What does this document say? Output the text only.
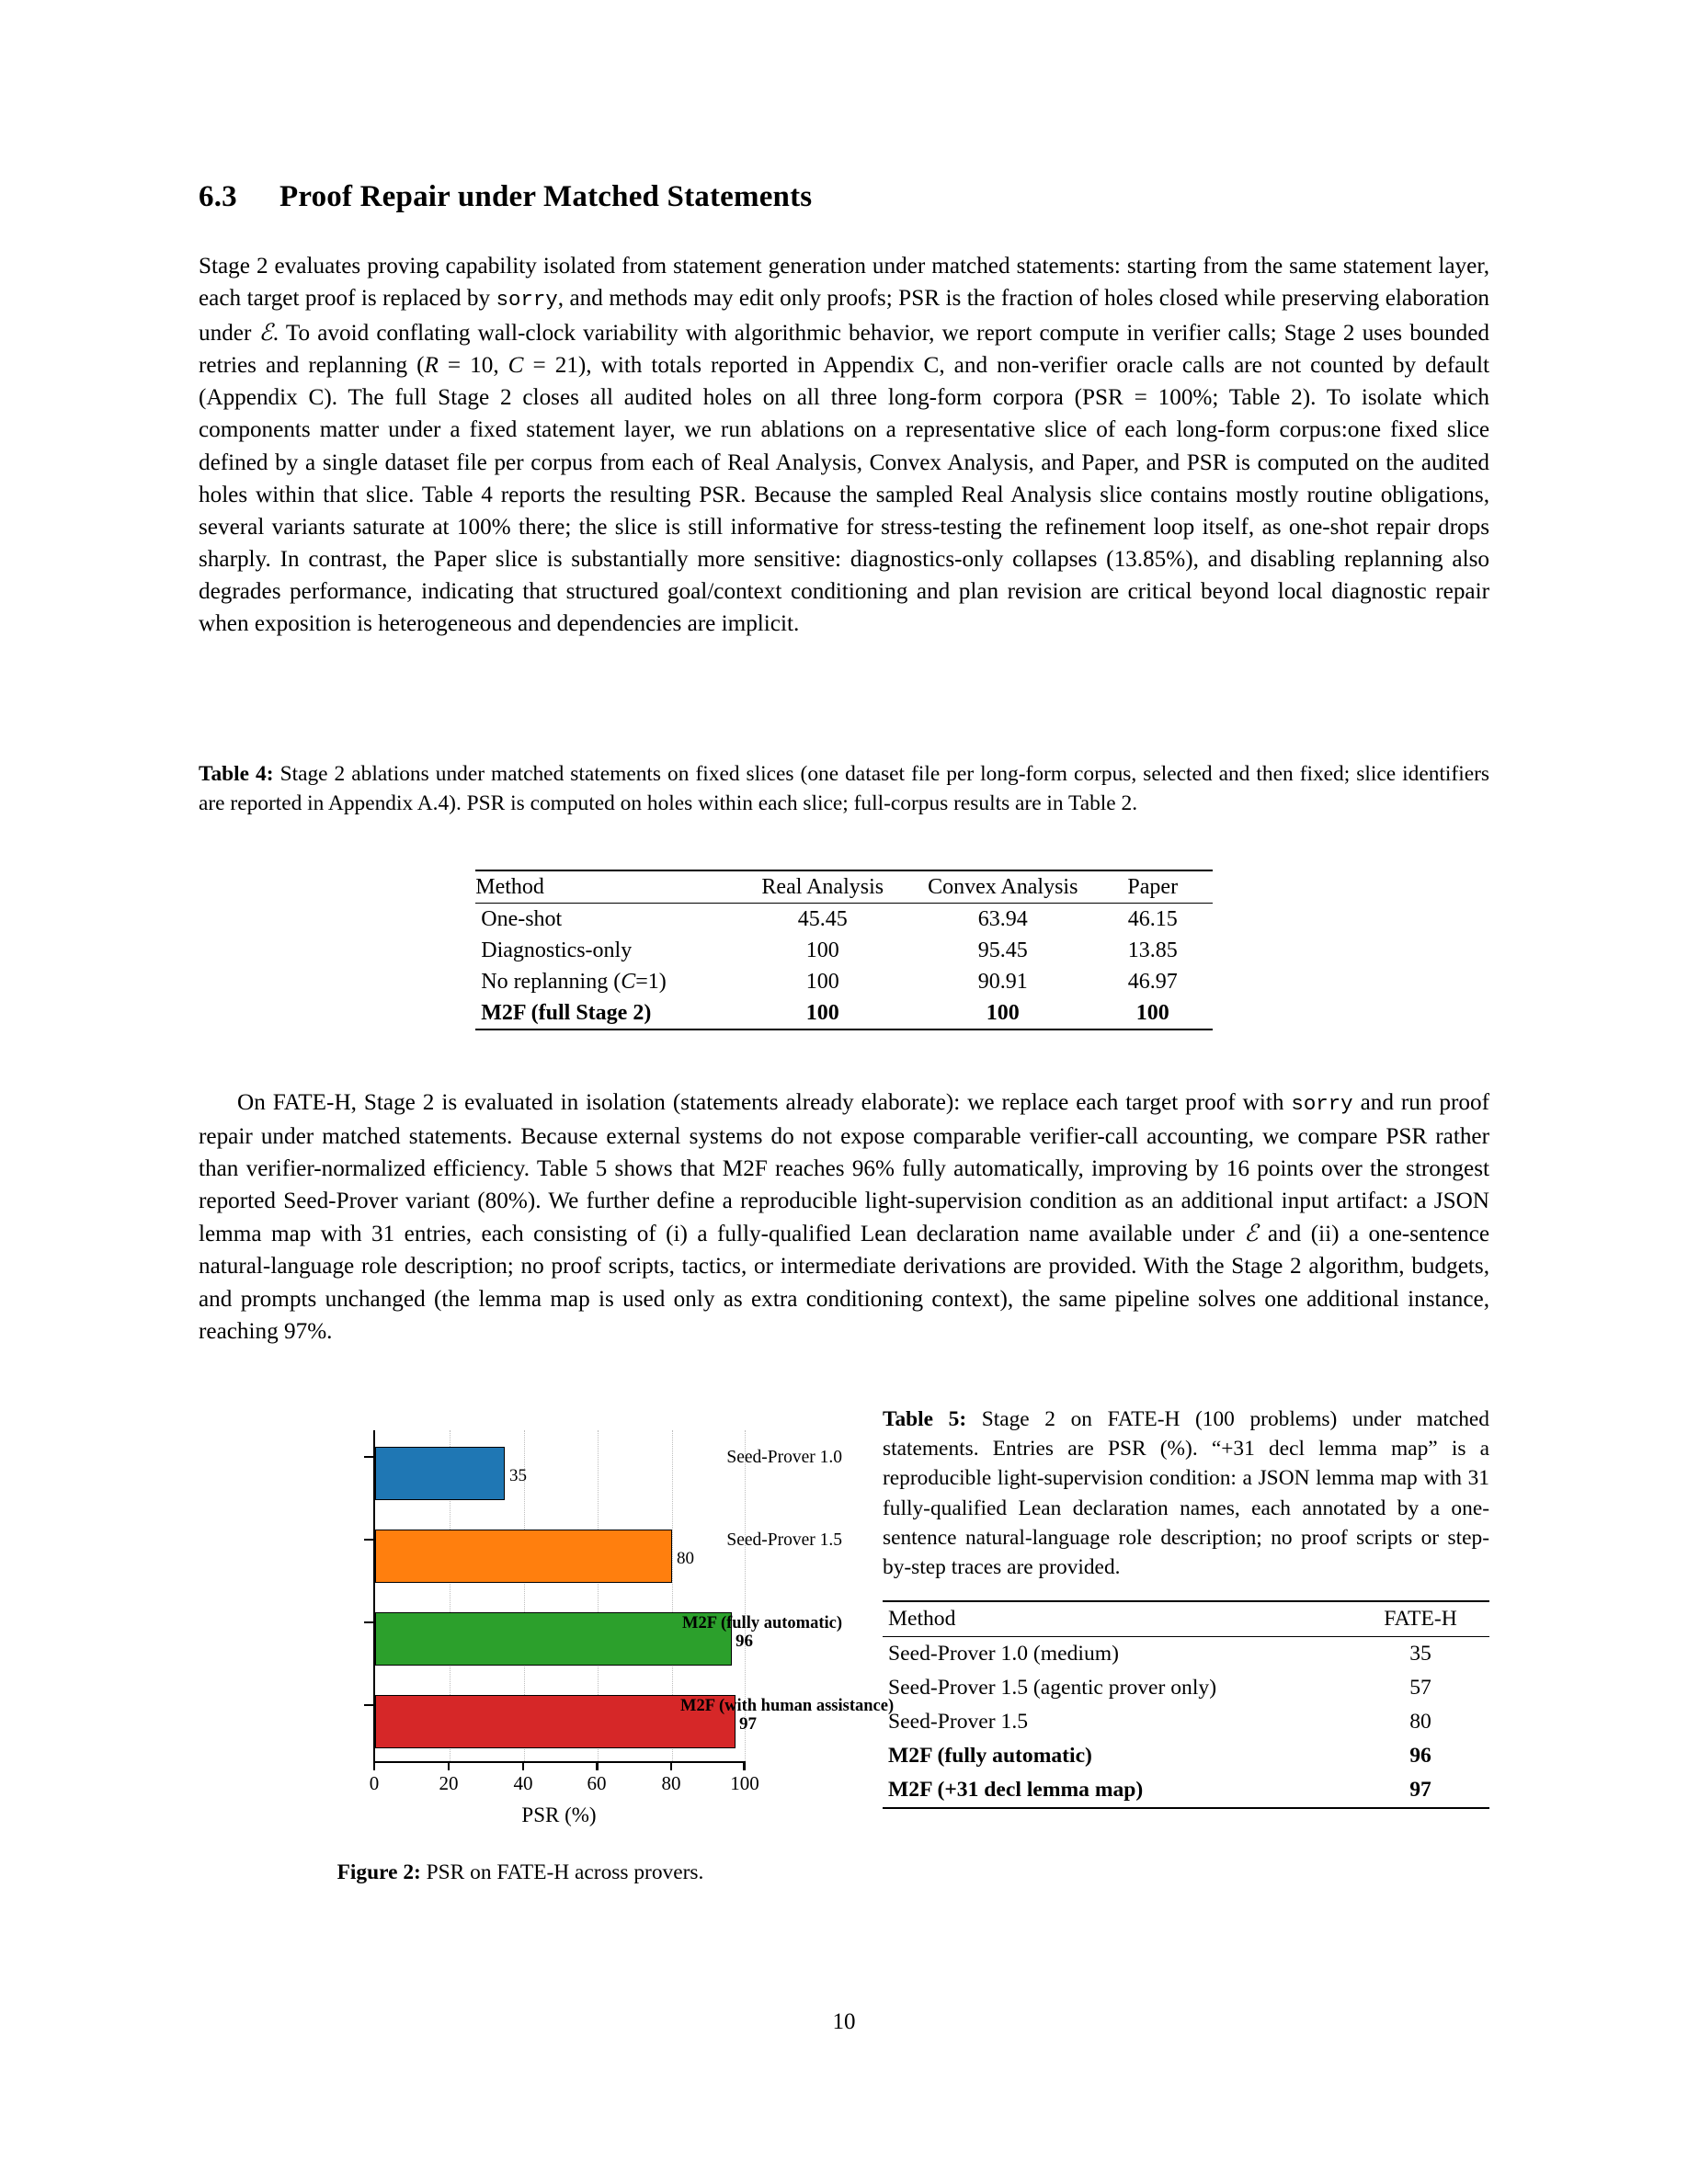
6.3 Proof Repair under Matched Statements
Stage 2 evaluates proving capability isolated from statement generation under matched statements: starting from the same statement layer, each target proof is replaced by sorry, and methods may edit only proofs; PSR is the fraction of holes closed while preserving elaboration under ℰ. To avoid conflating wall-clock variability with algorithmic behavior, we report compute in verifier calls; Stage 2 uses bounded retries and replanning (R = 10, C = 21), with totals reported in Appendix C, and non-verifier oracle calls are not counted by default (Appendix C). The full Stage 2 closes all audited holes on all three long-form corpora (PSR = 100%; Table 2). To isolate which components matter under a fixed statement layer, we run ablations on a representative slice of each long-form corpus:one fixed slice defined by a single dataset file per corpus from each of Real Analysis, Convex Analysis, and Paper, and PSR is computed on the audited holes within that slice. Table 4 reports the resulting PSR. Because the sampled Real Analysis slice contains mostly routine obligations, several variants saturate at 100% there; the slice is still informative for stress-testing the refinement loop itself, as one-shot repair drops sharply. In contrast, the Paper slice is substantially more sensitive: diagnostics-only collapses (13.85%), and disabling replanning also degrades performance, indicating that structured goal/context conditioning and plan revision are critical beyond local diagnostic repair when exposition is heterogeneous and dependencies are implicit.
Table 4: Stage 2 ablations under matched statements on fixed slices (one dataset file per long-form corpus, selected and then fixed; slice identifiers are reported in Appendix A.4). PSR is computed on holes within each slice; full-corpus results are in Table 2.
Method	Real Analysis	Convex Analysis	Paper
One-shot	45.45	63.94	46.15
Diagnostics-only	100	95.45	13.85
No replanning (C=1)	100	90.91	46.97
M2F (full Stage 2)	100	100	100
On FATE-H, Stage 2 is evaluated in isolation (statements already elaborate): we replace each target proof with sorry and run proof repair under matched statements. Because external systems do not expose comparable verifier-call accounting, we compare PSR rather than verifier-normalized efficiency. Table 5 shows that M2F reaches 96% fully automatically, improving by 16 points over the strongest reported Seed-Prover variant (80%). We further define a reproducible light-supervision condition as an additional input artifact: a JSON lemma map with 31 entries, each consisting of (i) a fully-qualified Lean declaration name available under ℰ and (ii) a one-sentence natural-language role description; no proof scripts, tactics, or intermediate derivations are provided. With the Stage 2 algorithm, budgets, and prompts unchanged (the lemma map is used only as extra conditioning context), the same pipeline solves one additional instance, reaching 97%.
35
80
96
97
Seed-Prover 1.0
Seed-Prover 1.5
M2F (fully automatic)
M2F (with human assistance)
0	20	40	60	80	100
PSR (%)
Figure 2: PSR on FATE-H across provers.
Table 5: Stage 2 on FATE-H (100 problems) under matched statements. Entries are PSR (%). “+31 decl lemma map” is a reproducible light-supervision condition: a JSON lemma map with 31 fully-qualified Lean declaration names, each annotated by a one-sentence natural-language role description; no proof scripts or step-by-step traces are provided.
Method	FATE-H
Seed-Prover 1.0 (medium)	35
Seed-Prover 1.5 (agentic prover only)	57
Seed-Prover 1.5	80
M2F (fully automatic)	96
M2F (+31 decl lemma map)	97
10
